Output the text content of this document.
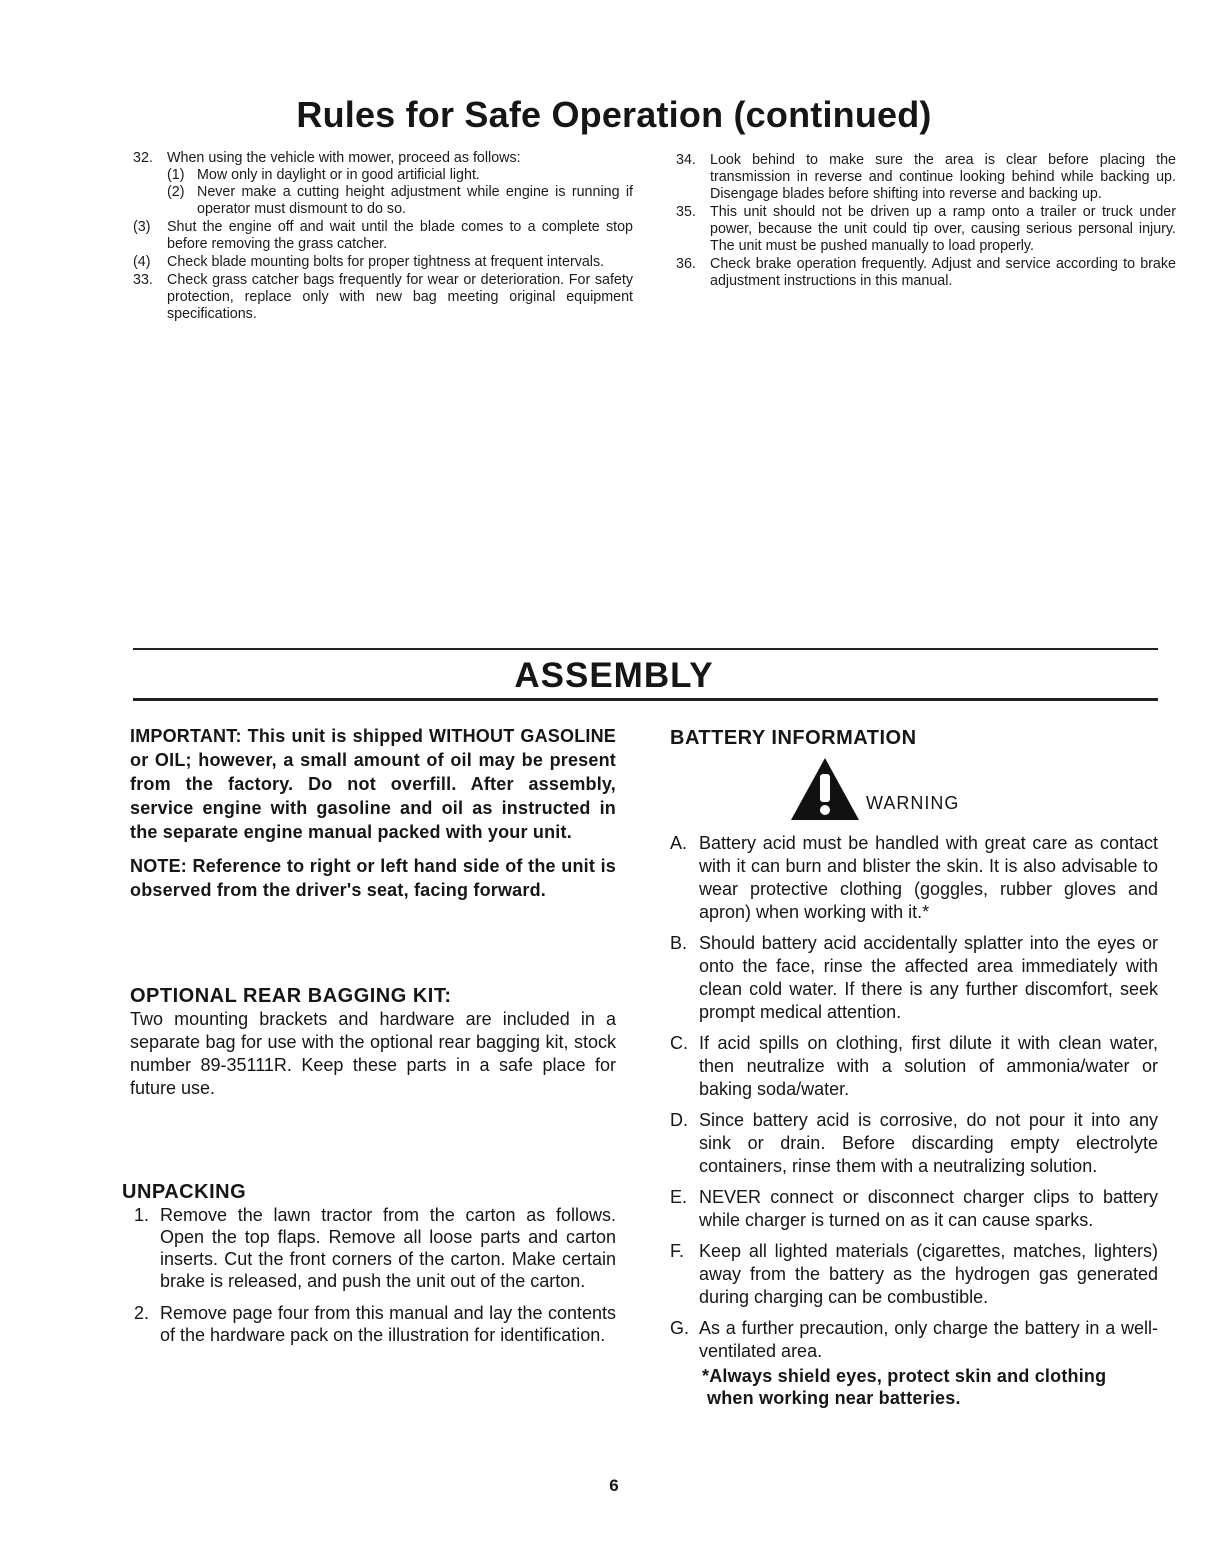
Rules for Safe Operation (continued)
32. When using the vehicle with mower, proceed as follows:
(1) Mow only in daylight or in good artificial light.
(2) Never make a cutting height adjustment while engine is running if operator must dismount to do so.
(3) Shut the engine off and wait until the blade comes to a complete stop before removing the grass catcher.
(4) Check blade mounting bolts for proper tightness at frequent intervals.
33. Check grass catcher bags frequently for wear or deterioration. For safety protection, replace only with new bag meeting original equipment specifications.
34. Look behind to make sure the area is clear before placing the transmission in reverse and continue looking behind while backing up. Disengage blades before shifting into reverse and backing up.
35. This unit should not be driven up a ramp onto a trailer or truck under power, because the unit could tip over, causing serious personal injury. The unit must be pushed manually to load properly.
36. Check brake operation frequently. Adjust and service according to brake adjustment instructions in this manual.
ASSEMBLY

IMPORTANT: This unit is shipped WITHOUT GASOLINE or OIL; however, a small amount of oil may be present from the factory. Do not overfill. After assembly, service engine with gasoline and oil as instructed in the separate engine manual packed with your unit.

NOTE: Reference to right or left hand side of the unit is observed from the driver's seat, facing forward.

OPTIONAL REAR BAGGING KIT:

Two mounting brackets and hardware are included in a separate bag for use with the optional rear bagging kit, stock number 89-35111R. Keep these parts in a safe place for future use.

UNPACKING
1. Remove the lawn tractor from the carton as follows. Open the top flaps. Remove all loose parts and carton inserts. Cut the front corners of the carton. Make certain brake is released, and push the unit out of the carton.
2. Remove page four from this manual and lay the contents of the hardware pack on the illustration for identification.
BATTERY INFORMATION
WARNING
A. Battery acid must be handled with great care as contact with it can burn and blister the skin. It is also advisable to wear protective clothing (goggles, rubber gloves and apron) when working with it.*
B. Should battery acid accidentally splatter into the eyes or onto the face, rinse the affected area immediately with clean cold water. If there is any further discomfort, seek prompt medical attention.
C. If acid spills on clothing, first dilute it with clean water, then neutralize with a solution of ammonia/water or baking soda/water.
D. Since battery acid is corrosive, do not pour it into any sink or drain. Before discarding empty electrolyte containers, rinse them with a neutralizing solution.
E. NEVER connect or disconnect charger clips to battery while charger is turned on as it can cause sparks.
F. Keep all lighted materials (cigarettes, matches, lighters) away from the battery as the hydrogen gas generated during charging can be combustible.
G. As a further precaution, only charge the battery in a well-ventilated area.

*Always shield eyes, protect skin and clothing when working near batteries.

6
